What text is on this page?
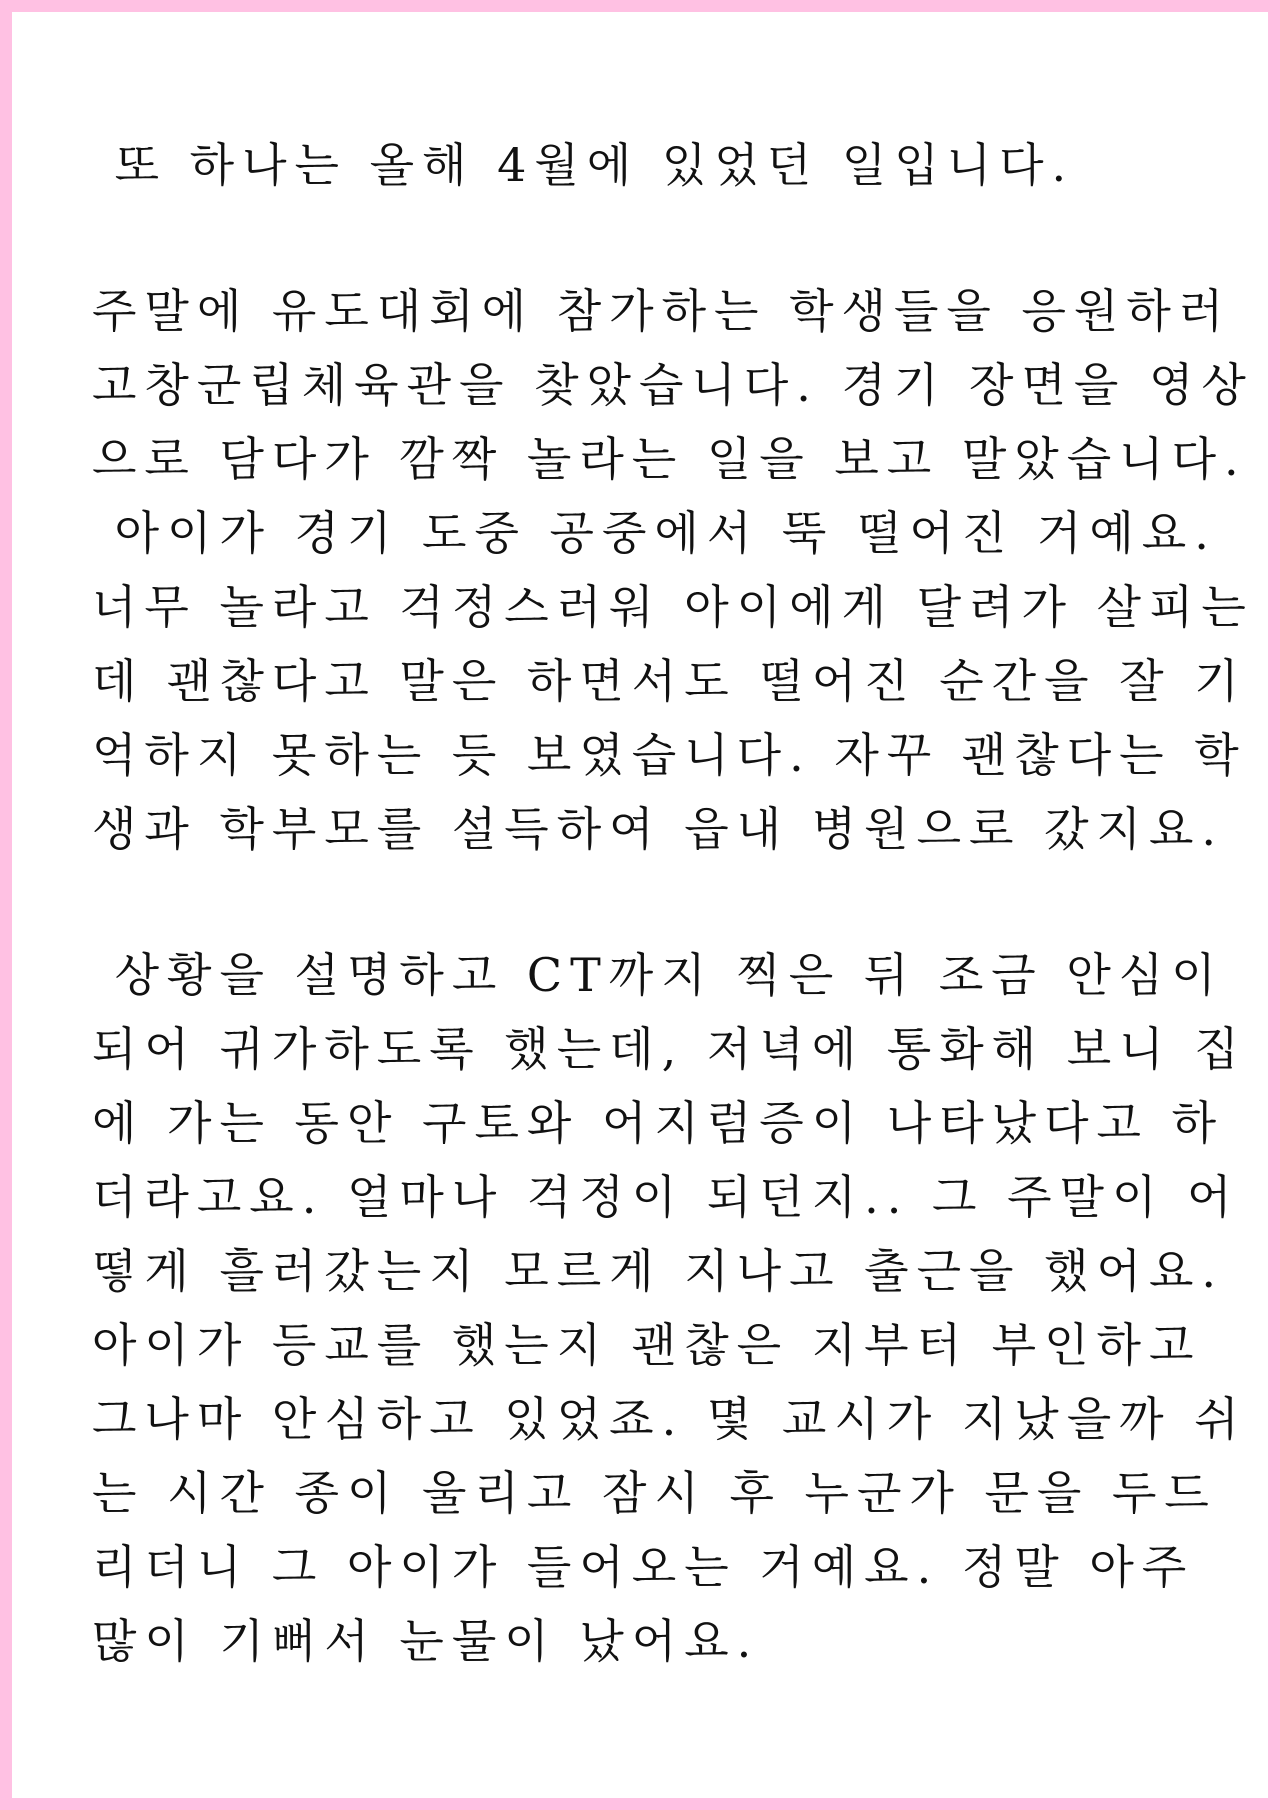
또 하나는 올해 4월에 있었던 일입니다.

주말에 유도대회에 참가하는 학생들을 응원하러

고창군립체육관을 찾았습니다. 경기 장면을 영상

으로 담다가 깜짝 놀라는 일을 보고 말았습니다.

아이가 경기 도중 공중에서 뚝 떨어진 거예요.

너무 놀라고 걱정스러워 아이에게 달려가 살피는

데 괜찮다고 말은 하면서도 떨어진 순간을 잘 기

억하지 못하는 듯 보였습니다. 자꾸 괜찮다는 학

생과 학부모를 설득하여 읍내 병원으로 갔지요.

상황을 설명하고 CT까지 찍은 뒤 조금 안심이

되어 귀가하도록 했는데, 저녁에 통화해 보니 집

에 가는 동안 구토와 어지럼증이 나타났다고 하

더라고요. 얼마나 걱정이 되던지.. 그 주말이 어

떻게 흘러갔는지 모르게 지나고 출근을 했어요.

아이가 등교를 했는지 괜찮은 지부터 부인하고

그나마 안심하고 있었죠. 몇 교시가 지났을까 쉬

는 시간 종이 울리고 잠시 후 누군가 문을 두드

리더니 그 아이가 들어오는 거예요. 정말 아주

많이 기뻐서 눈물이 났어요.
